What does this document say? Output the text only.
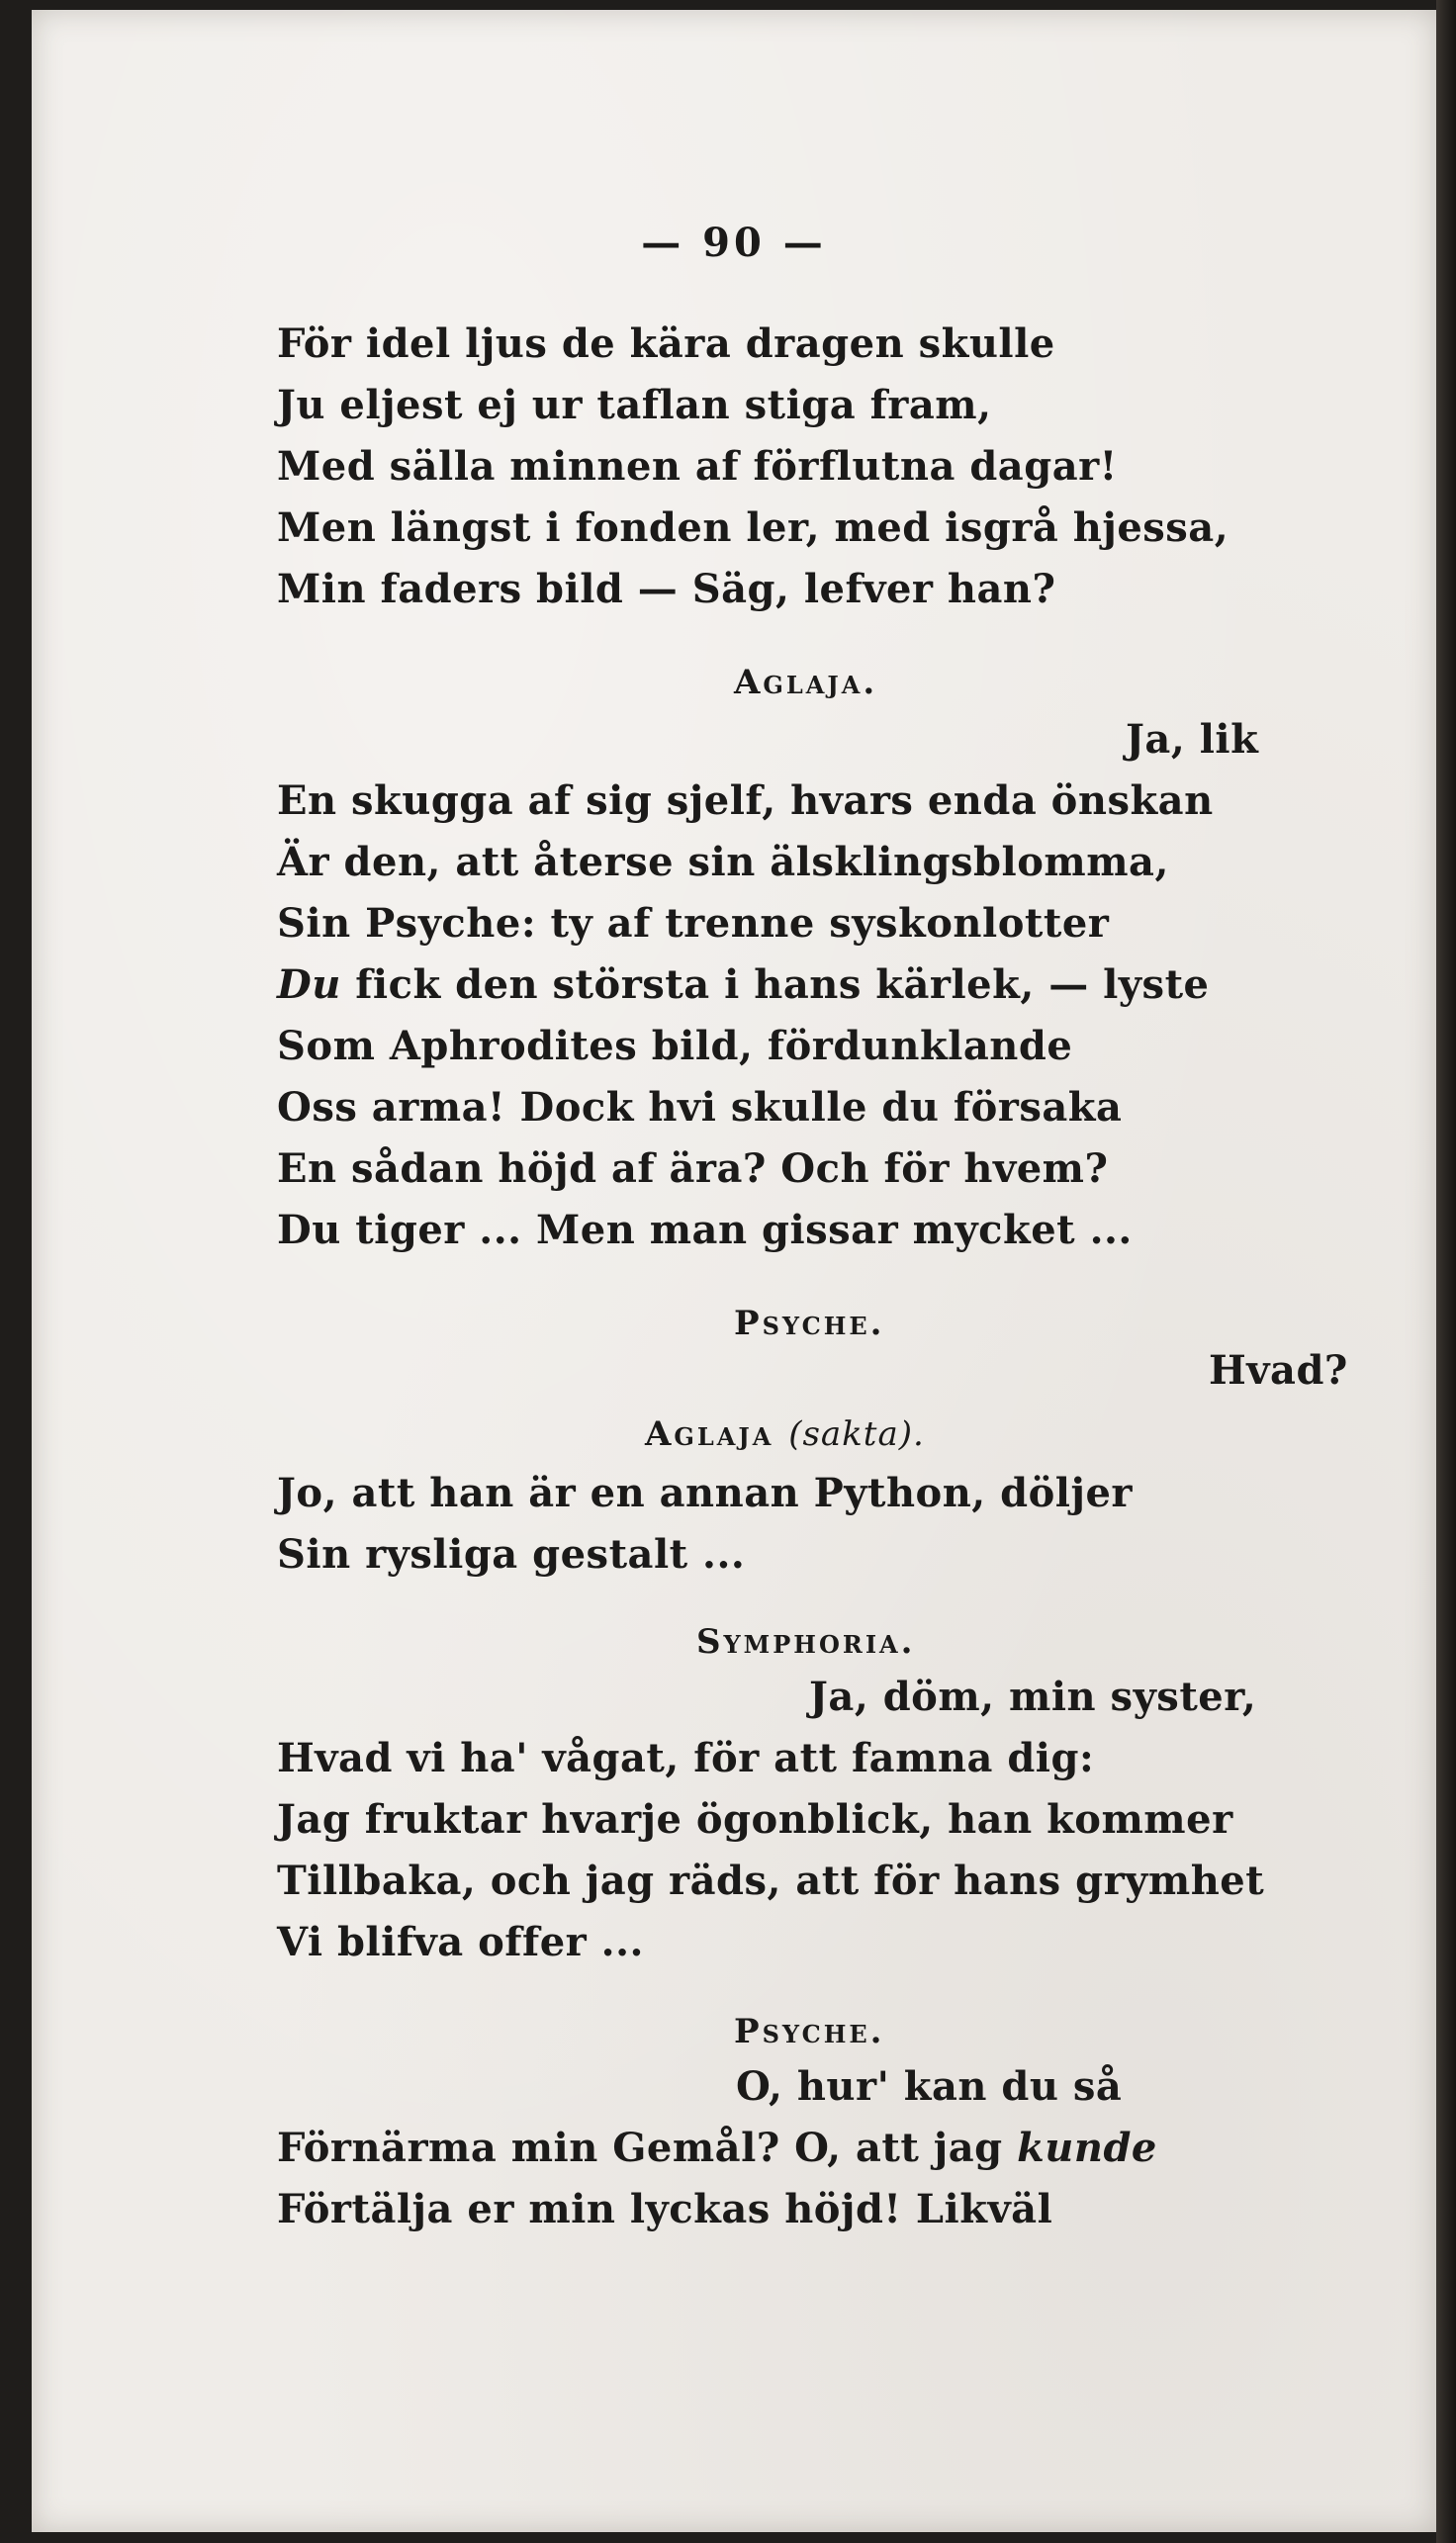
— 90 —
För idel ljus de kära dragen skulle
Ju eljest ej ur taflan stiga fram,
Med sälla minnen af förflutna dagar!
Men längst i fonden ler, med isgrå hjessa,
Min faders bild — Säg, lefver han?
Aglaja.
Ja, lik
En skugga af sig sjelf, hvars enda önskan
Är den, att återse sin älsklingsblomma,
Sin Psyche: ty af trenne syskonlotter
Du fick den största i hans kärlek, — lyste
Som Aphrodites bild, fördunklande
Oss arma! Dock hvi skulle du försaka
En sådan höjd af ära? Och för hvem?
Du tiger ... Men man gissar mycket ...
Psyche.
Hvad?
Aglaja (sakta).
Jo, att han är en annan Python, döljer
Sin rysliga gestalt ...
Symphoria.
Ja, döm, min syster,
Hvad vi ha' vågat, för att famna dig:
Jag fruktar hvarje ögonblick, han kommer
Tillbaka, och jag räds, att för hans grymhet
Vi blifva offer ...
Psyche.
O, hur' kan du så
Förnärma min Gemål? O, att jag kunde
Förtälja er min lyckas höjd! Likväl
